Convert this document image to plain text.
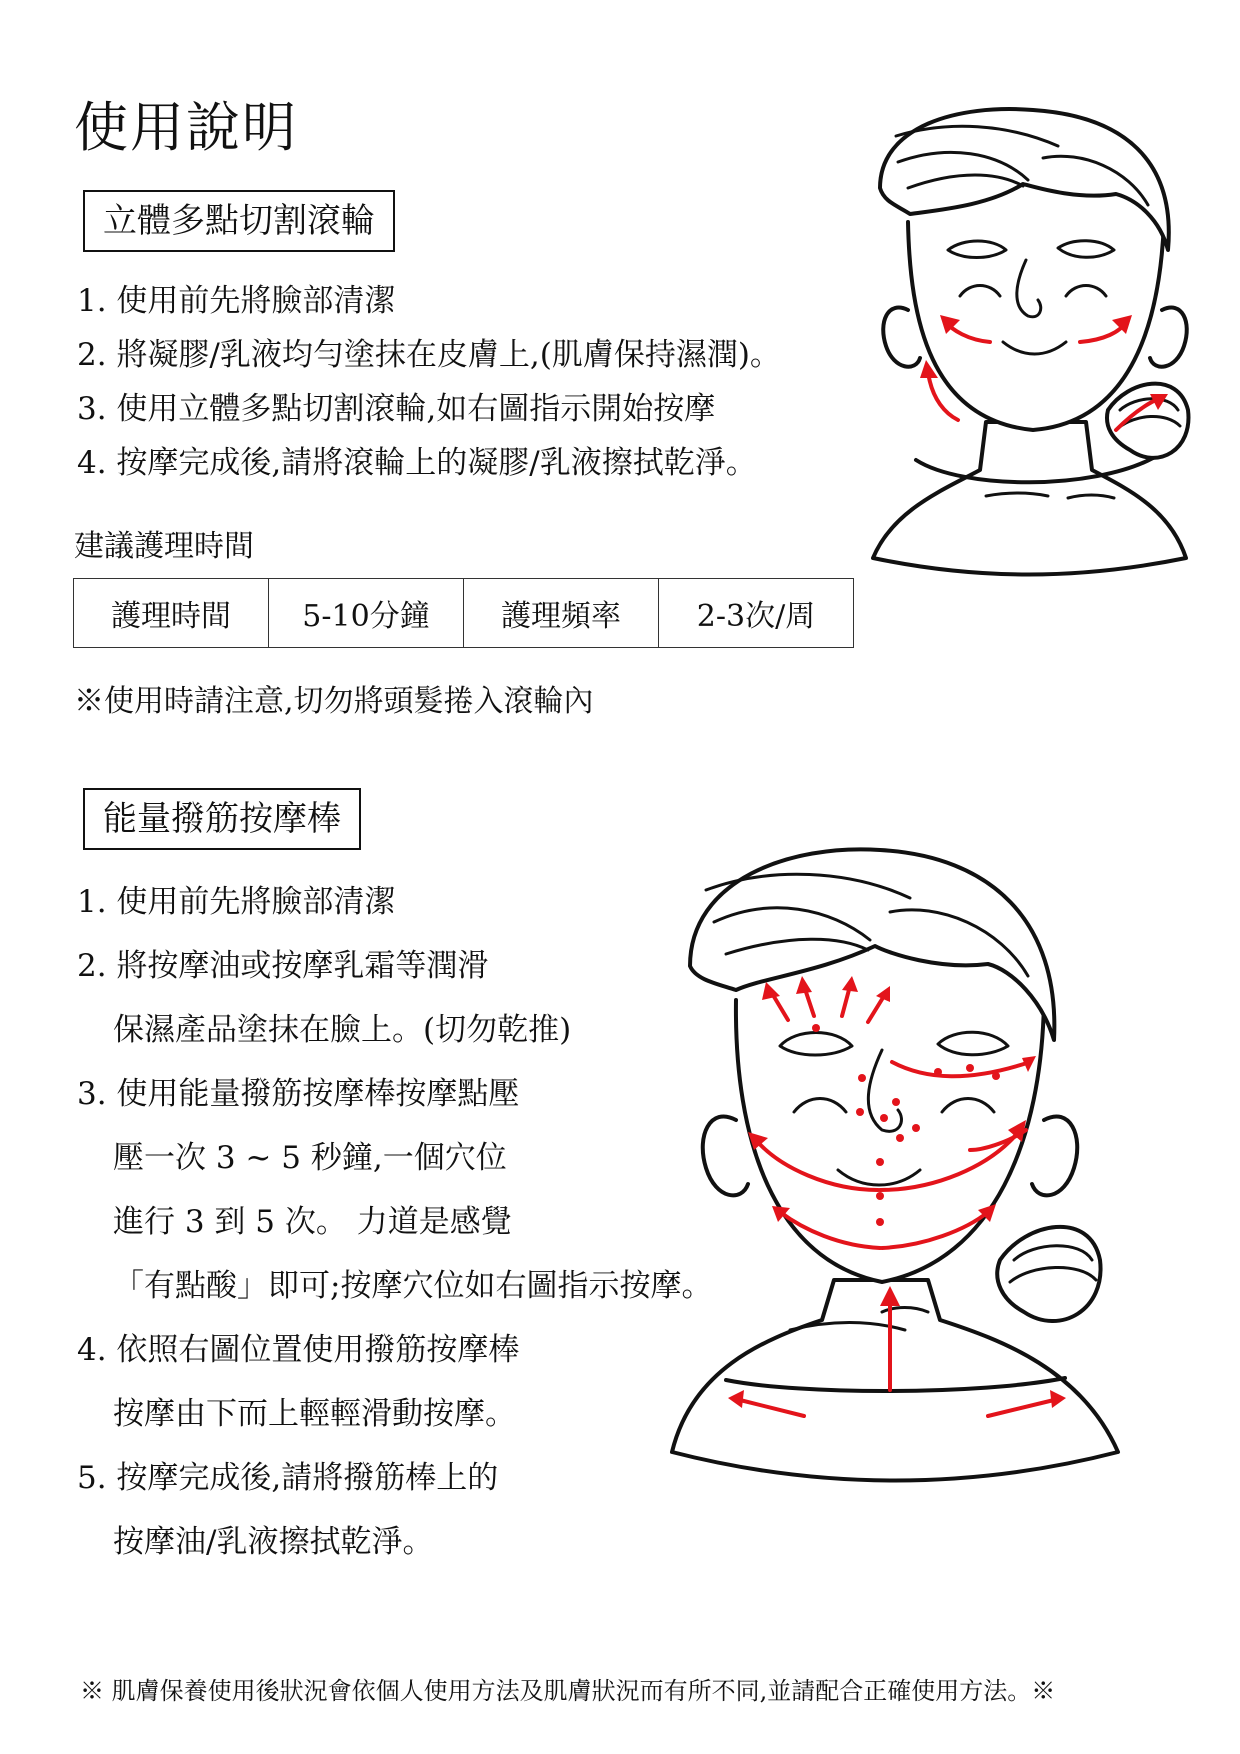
使用說明
立體多點切割滾輪
1. 使用前先將臉部清潔
2. 將凝膠/乳液均勻塗抹在皮膚上,(肌膚保持濕潤)。
3. 使用立體多點切割滾輪,如右圖指示開始按摩
4. 按摩完成後,請將滾輪上的凝膠/乳液擦拭乾淨。
建議護理時間
護理時間	5-10分鐘	護理頻率	2-3次/周
※使用時請注意,切勿將頭髮捲入滾輪內
能量撥筋按摩棒
1. 使用前先將臉部清潔
2. 將按摩油或按摩乳霜等潤滑
保濕產品塗抹在臉上。(切勿乾推)
3. 使用能量撥筋按摩棒按摩點壓
壓一次 3 ~ 5 秒鐘,一個穴位
進行 3 到 5 次。 力道是感覺
「有點酸」即可;按摩穴位如右圖指示按摩。
4. 依照右圖位置使用撥筋按摩棒
按摩由下而上輕輕滑動按摩。
5. 按摩完成後,請將撥筋棒上的
按摩油/乳液擦拭乾淨。
※ 肌膚保養使用後狀況會依個人使用方法及肌膚狀況而有所不同,並請配合正確使用方法。※
